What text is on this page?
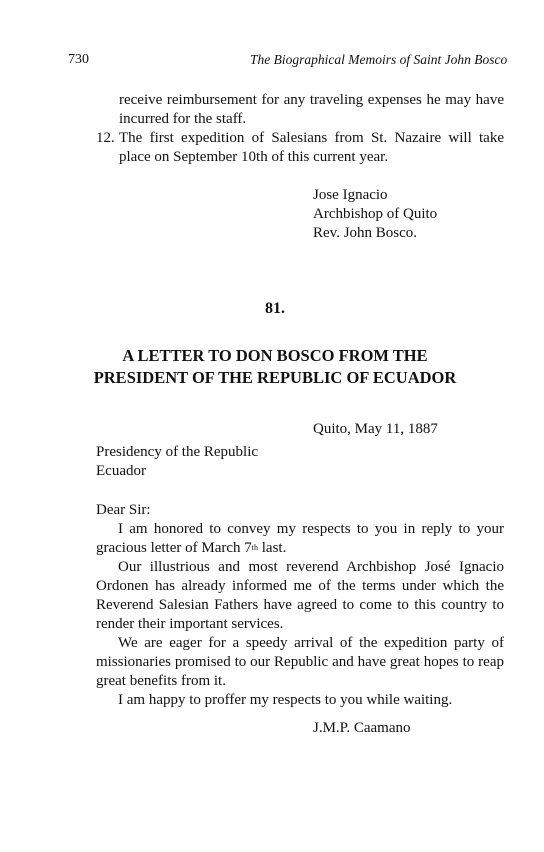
730	The Biographical Memoirs of Saint John Bosco
receive reimbursement for any traveling expenses he may have incurred for the staff.
12. The first expedition of Salesians from St. Nazaire will take place on September 10th of this current year.
Jose Ignacio
Archbishop of Quito
Rev. John Bosco.
81.
A LETTER TO DON BOSCO FROM THE
PRESIDENT OF THE REPUBLIC OF ECUADOR
Quito, May 11, 1887
Presidency of the Republic
Ecuador
Dear Sir:

I am honored to convey my respects to you in reply to your gracious letter of March 7th last.

Our illustrious and most reverend Archbishop José Ignacio Ordonen has already informed me of the terms under which the Reverend Salesian Fathers have agreed to come to this country to render their important services.

We are eager for a speedy arrival of the expedition party of missionaries promised to our Republic and have great hopes to reap great benefits from it.

I am happy to proffer my respects to you while waiting.

J.M.P. Caamano
